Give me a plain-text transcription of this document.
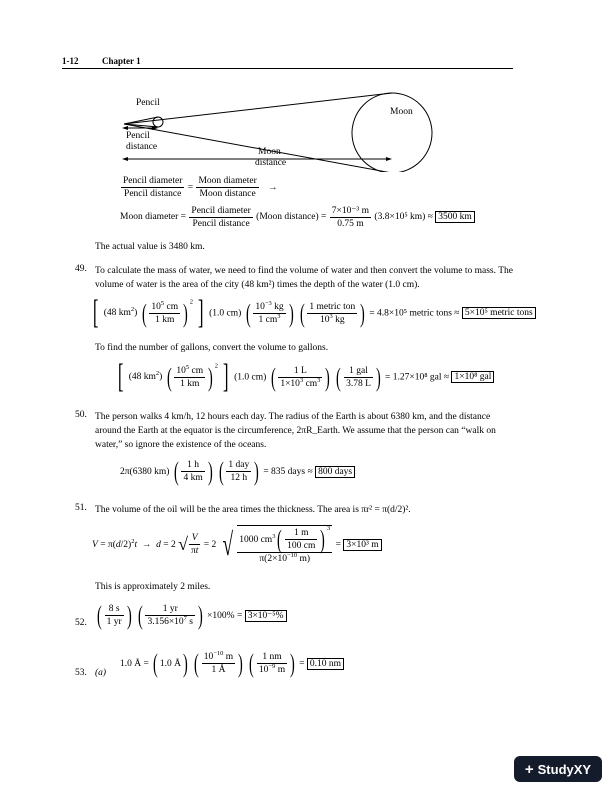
1-12	Chapter 1
Pencil
Moon
Pencil
distance	Moon
distance
$\frac{\text{Pencil diameter}}{\text{Pencil distance}} = \frac{\text{Moon diameter}}{\text{Moon distance}}$ →
Moon diameter = $\frac{\text{Pencil diameter}}{\text{Pencil distance}}$ (Moon distance) = $\frac{\text{7×10⁻³ m}}{0.75 m} (3.8\times 10^5$ km) ≈ 3500 km
The actual value is 3480 km.
49. To calculate the mass of water, we need to find the volume of water and then convert the volume to mass. The volume of water is the area of the city (48 km²) times the depth of the water (1.0 cm).
[ (48 $km^2$) ( $\frac{10^5 cm}{1 km}$ ) $^2$ ] (1.0 cm) ( $\frac{10^{-3} kg}{1 cm^3}$ ) ( $\frac{\text{1 metric ton}}{10^3 kg}$ ) = 4.8×10⁵ metric tons ≈ 5×10⁵ metric tons
To find the number of gallons, convert the volume to gallons.
[ (48 $km^2$) ( $\frac{10^5 cm}{1 km}$ ) $^2$ ] (1.0 cm) ( $\frac{1 L}{1\times 10^3 cm^3}$ ) ( $\frac{\text{1 gal}}{3.78 L}$ ) = 1.27×10⁸ gal ≈ 1×10⁸ gal
50. The person walks 4 km/h, 12 hours each day. The radius of the Earth is about 6380 km, and the distance around the Earth at the equator is the circumference, 2πR_Earth. We assume that the person can “walk on water,” so ignore the existence of the oceans.
2π(6380 km) ( $\frac{1 h}{4 km}$ ) ( $\frac{\text{1 day}}{12 h}$ ) = 835 days ≈ 800 days
51. The volume of the oil will be the area times the thickness. The area is πr² = π(d/2)².
$V = \pi(d/2)^2t \to d = 2$ √ $\frac{V}{\pi t} = 2$ √ $\frac{1000 cm^3( \frac{1 m}{100 cm} ) ^3}{\pi(2\times 10^{-10} m)} = 3\times 10^3$ m
This is approximately 2 miles.
52. ( $\frac{8 s}{1 yr}$ ) ( $\frac{1 yr}{3.156\times 10^7 s}$ ) ×100% = 3×10⁻⁵%
53. (a)
1.0 Å = ( 1.0 Å) ( $\frac{10^{-10} m}{1 Å}$ ) ( $\frac{1 nm}{10^{-9} m}$ ) = 0.10 nm
+ StudyXY
